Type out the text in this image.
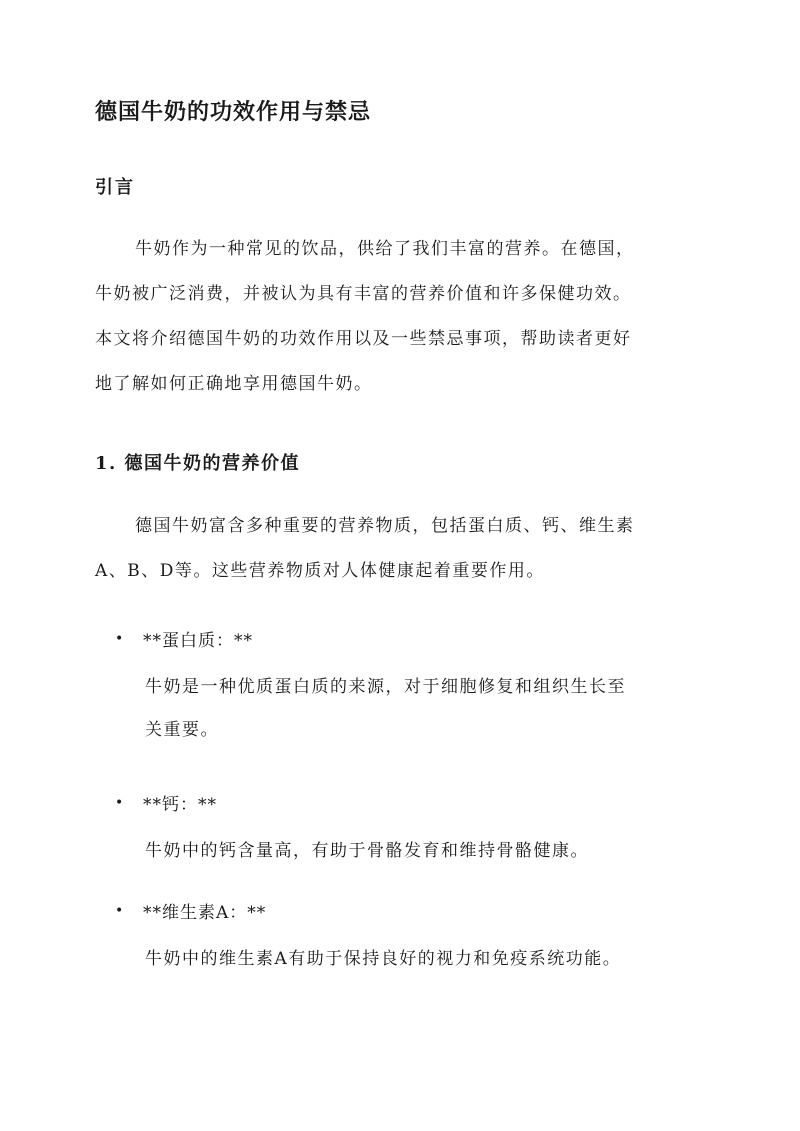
德国牛奶的功效作用与禁忌
引言
牛奶作为一种常见的饮品，供给了我们丰富的营养。在德国，
牛奶被广泛消费，并被认为具有丰富的营养价值和许多保健功效。
本文将介绍德国牛奶的功效作用以及一些禁忌事项，帮助读者更好
地了解如何正确地享用德国牛奶。
1. 德国牛奶的营养价值
德国牛奶富含多种重要的营养物质，包括蛋白质、钙、维生素
A、B、D等。这些营养物质对人体健康起着重要作用。
• **蛋白质：**
牛奶是一种优质蛋白质的来源，对于细胞修复和组织生长至
关重要。
• **钙：**
牛奶中的钙含量高，有助于骨骼发育和维持骨骼健康。
• **维生素A：**
牛奶中的维生素A有助于保持良好的视力和免疫系统功能。
